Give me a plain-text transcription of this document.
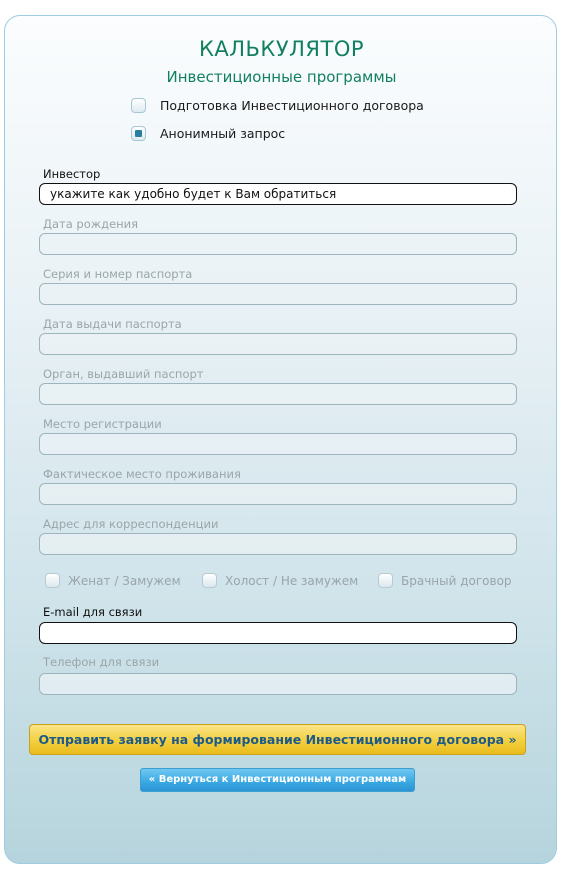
КАЛЬКУЛЯТОР
Инвестиционные программы
Подготовка Инвестиционного договора
Анонимный запрос
Инвестор
укажите как удобно будет к Вам обратиться
Дата рождения
Серия и номер паспорта
Дата выдачи паспорта
Орган, выдавший паспорт
Место регистрации
Фактическое место проживания
Адрес для корреспонденции
Женат / Замужем	Холост / Не замужем	Брачный договор
E-mail для связи
Телефон для связи
Отправить заявку на формирование Инвестиционного договора »
« Вернуться к Инвестиционным программам
